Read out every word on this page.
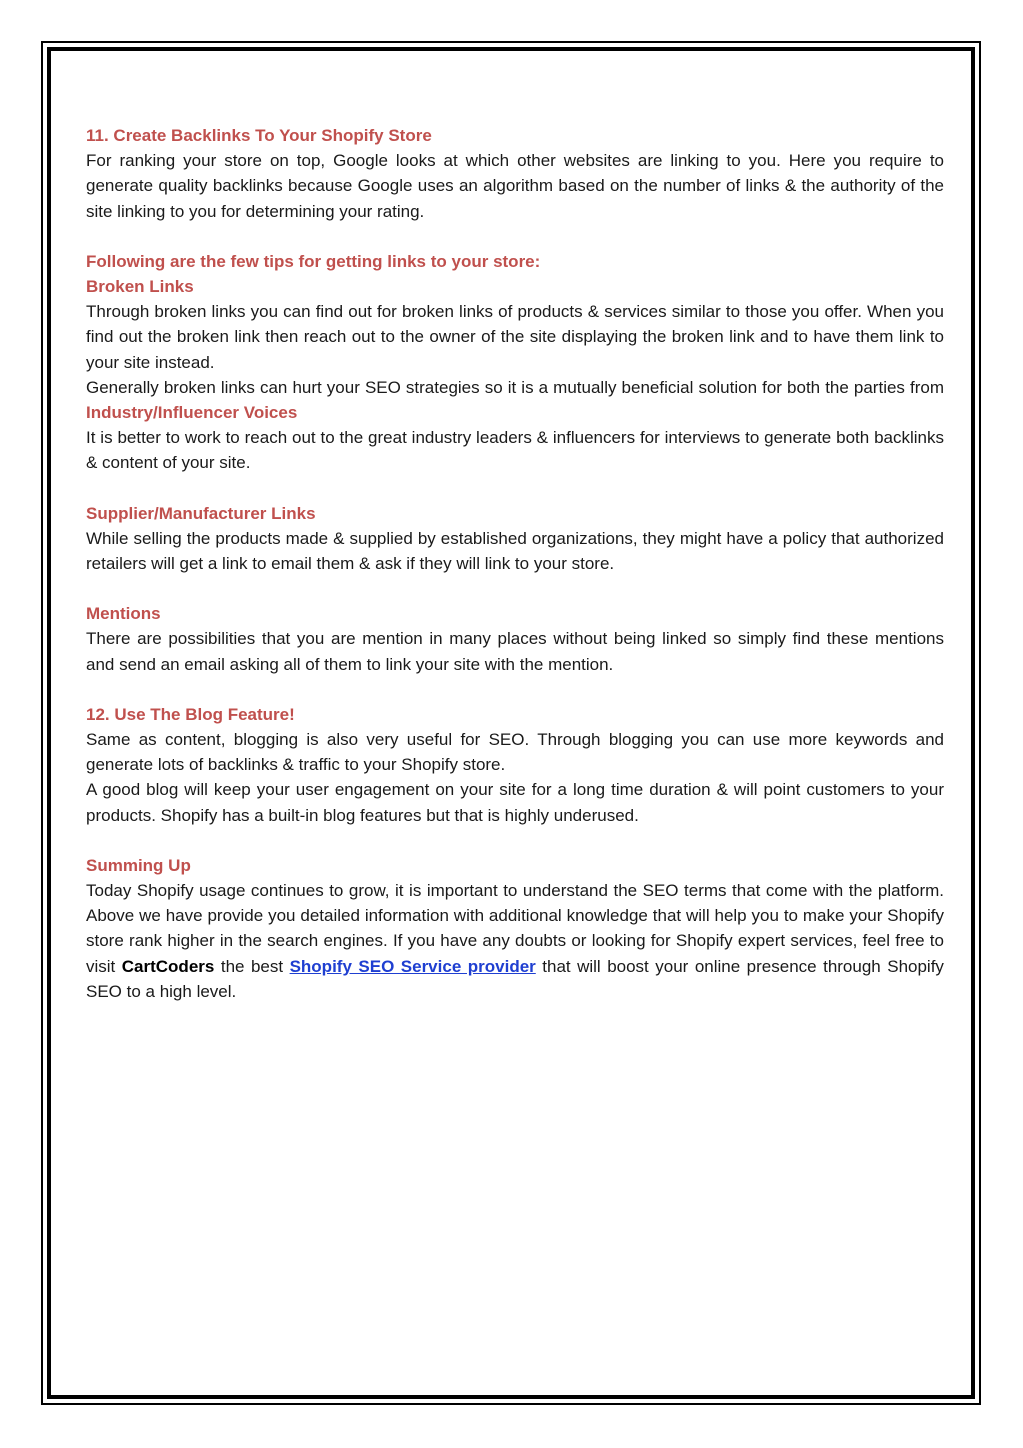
11. Create Backlinks To Your Shopify Store
For ranking your store on top, Google looks at which other websites are linking to you. Here you require to generate quality backlinks because Google uses an algorithm based on the number of links & the authority of the site linking to you for determining your rating.
Following are the few tips for getting links to your store:
Broken Links
Through broken links you can find out for broken links of products & services similar to those you offer. When you find out the broken link then reach out to the owner of the site displaying the broken link and to have them link to your site instead.
Generally broken links can hurt your SEO strategies so it is a mutually beneficial solution for both the parties from Industry/Influencer Voices
It is better to work to reach out to the great industry leaders & influencers for interviews to generate both backlinks & content of your site.
Supplier/Manufacturer Links
While selling the products made & supplied by established organizations, they might have a policy that authorized retailers will get a link to email them & ask if they will link to your store.
Mentions
There are possibilities that you are mention in many places without being linked so simply find these mentions and send an email asking all of them to link your site with the mention.
12. Use The Blog Feature!
Same as content, blogging is also very useful for SEO. Through blogging you can use more keywords and generate lots of backlinks & traffic to your Shopify store.
A good blog will keep your user engagement on your site for a long time duration & will point customers to your products. Shopify has a built-in blog features but that is highly underused.
Summing Up
Today Shopify usage continues to grow, it is important to understand the SEO terms that come with the platform. Above we have provide you detailed information with additional knowledge that will help you to make your Shopify store rank higher in the search engines. If you have any doubts or looking for Shopify expert services, feel free to visit CartCoders the best Shopify SEO Service provider that will boost your online presence through Shopify SEO to a high level.
